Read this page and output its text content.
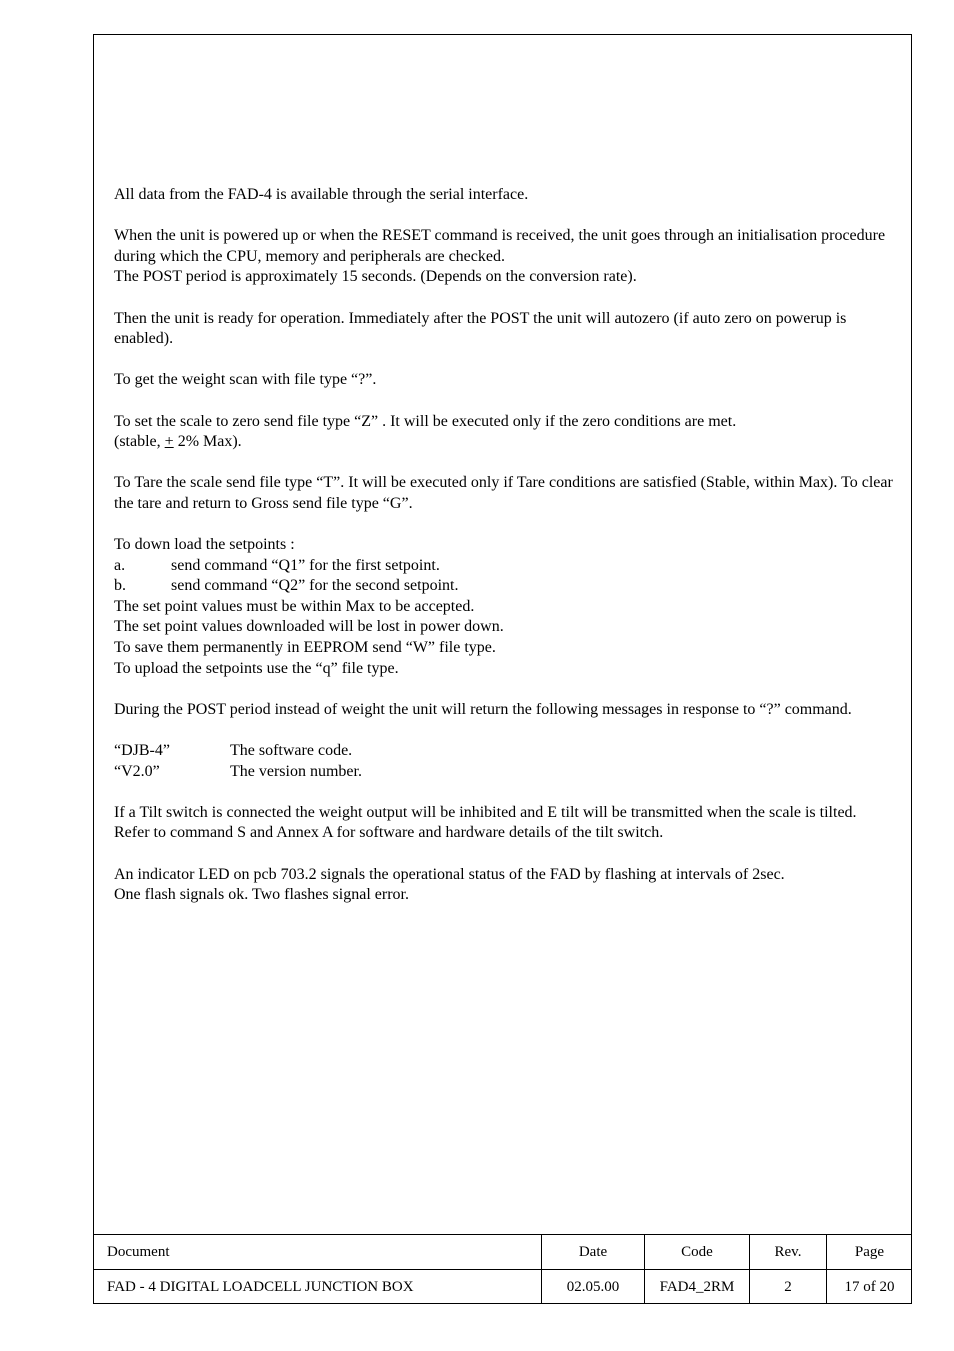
All data from the FAD-4 is available through the serial interface.

When the unit is powered up or when the RESET command is received, the unit goes through an initialisation procedure during which the CPU, memory and peripherals are checked.

The POST period is approximately 15 seconds. (Depends on the conversion rate).

Then the unit is ready for operation. Immediately after the POST the unit will autozero (if auto zero on powerup is enabled).

To get the weight scan with file type “?”.

To set the scale to zero send file type “Z” . It will be executed only if the zero conditions are met.

(stable, + 2% Max).

To Tare the scale send file type “T”. It will be executed only if Tare conditions are satisfied (Stable, within Max). To clear the tare and return to Gross send file type “G”.

To down load the setpoints :

a.	send command “Q1” for the first setpoint.
b.	send command “Q2” for the second setpoint.

The set point values must be within Max to be accepted.

The set point values downloaded will be lost in power down.

To save them permanently in EEPROM send “W” file type.

To upload the setpoints use the “q” file type.

During the POST period instead of weight the unit will return the following messages in response to “?” command.

“DJB-4”	The software code.
“V2.0”	The version number.

If a Tilt switch is connected the weight output will be inhibited and E tilt will be transmitted when the scale is tilted. Refer to command S and Annex A for software and hardware details of the tilt switch.

An indicator LED on pcb 703.2 signals the operational status of the FAD by flashing at intervals of 2sec.

One flash signals ok. Two flashes signal error.

Document	Date	Code	Rev.	Page
FAD - 4 DIGITAL LOADCELL JUNCTION BOX	02.05.00	FAD4_2RM	2	17 of 20
